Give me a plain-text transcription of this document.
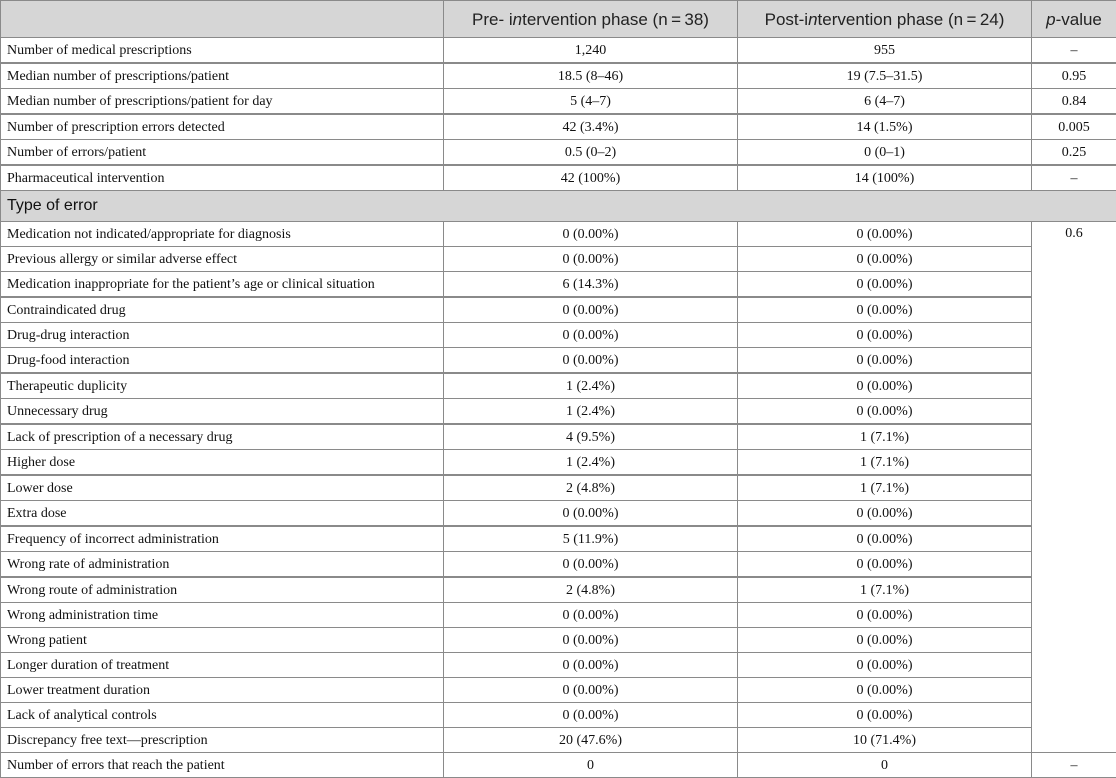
	Pre- intervention phase (n = 38)	Post-intervention phase (n = 24)	p-value
Number of medical prescriptions	1,240	955	–
Median number of prescriptions/patient	18.5 (8–46)	19 (7.5–31.5)	0.95
Median number of prescriptions/patient for day	5 (4–7)	6 (4–7)	0.84
Number of prescription errors detected	42 (3.4%)	14 (1.5%)	0.005
Number of errors/patient	0.5 (0–2)	0 (0–1)	0.25
Pharmaceutical intervention	42 (100%)	14 (100%)	–
Type of error			
Medication not indicated/appropriate for diagnosis	0 (0.00%)	0 (0.00%)	0.6
Previous allergy or similar adverse effect	0 (0.00%)	0 (0.00%)	
Medication inappropriate for the patient’s age or clinical situation	6 (14.3%)	0 (0.00%)	
Contraindicated drug	0 (0.00%)	0 (0.00%)	
Drug-drug interaction	0 (0.00%)	0 (0.00%)	
Drug-food interaction	0 (0.00%)	0 (0.00%)	
Therapeutic duplicity	1 (2.4%)	0 (0.00%)	
Unnecessary drug	1 (2.4%)	0 (0.00%)	
Lack of prescription of a necessary drug	4 (9.5%)	1 (7.1%)	
Higher dose	1 (2.4%)	1 (7.1%)	
Lower dose	2 (4.8%)	1 (7.1%)	
Extra dose	0 (0.00%)	0 (0.00%)	
Frequency of incorrect administration	5 (11.9%)	0 (0.00%)	
Wrong rate of administration	0 (0.00%)	0 (0.00%)	
Wrong route of administration	2 (4.8%)	1 (7.1%)	
Wrong administration time	0 (0.00%)	0 (0.00%)	
Wrong patient	0 (0.00%)	0 (0.00%)	
Longer duration of treatment	0 (0.00%)	0 (0.00%)	
Lower treatment duration	0 (0.00%)	0 (0.00%)	
Lack of analytical controls	0 (0.00%)	0 (0.00%)	
Discrepancy free text—prescription	20 (47.6%)	10 (71.4%)	
Number of errors that reach the patient	0	0	–
